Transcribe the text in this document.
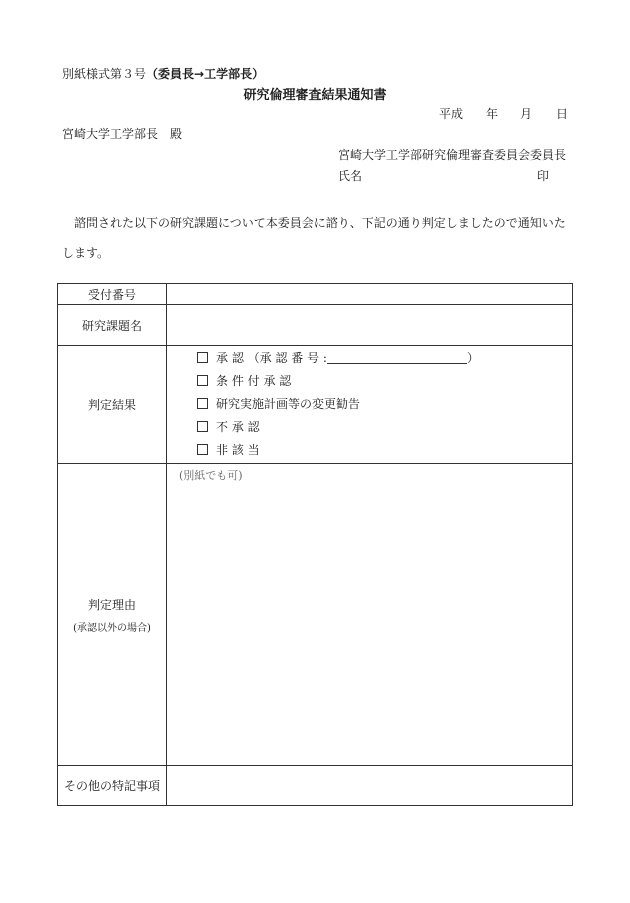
別紙様式第３号（委員長→工学部長）
研究倫理審査結果通知書
平成 年 月 日
宮崎大学工学部長　殿
宮崎大学工学部研究倫理審査委員会委員長
氏名	印
諮問された以下の研究課題について本委員会に諮り、下記の通り判定しましたので通知いたします。
受付番号	
研究課題名	
判定結果	承 認 （承 認 番 号 : ）
条 件 付 承 認
研究実施計画等の変更勧告
不 承 認
非 該 当

判定理由
(承認以外の場合)	(別紙でも可)

その他の特記事項	
